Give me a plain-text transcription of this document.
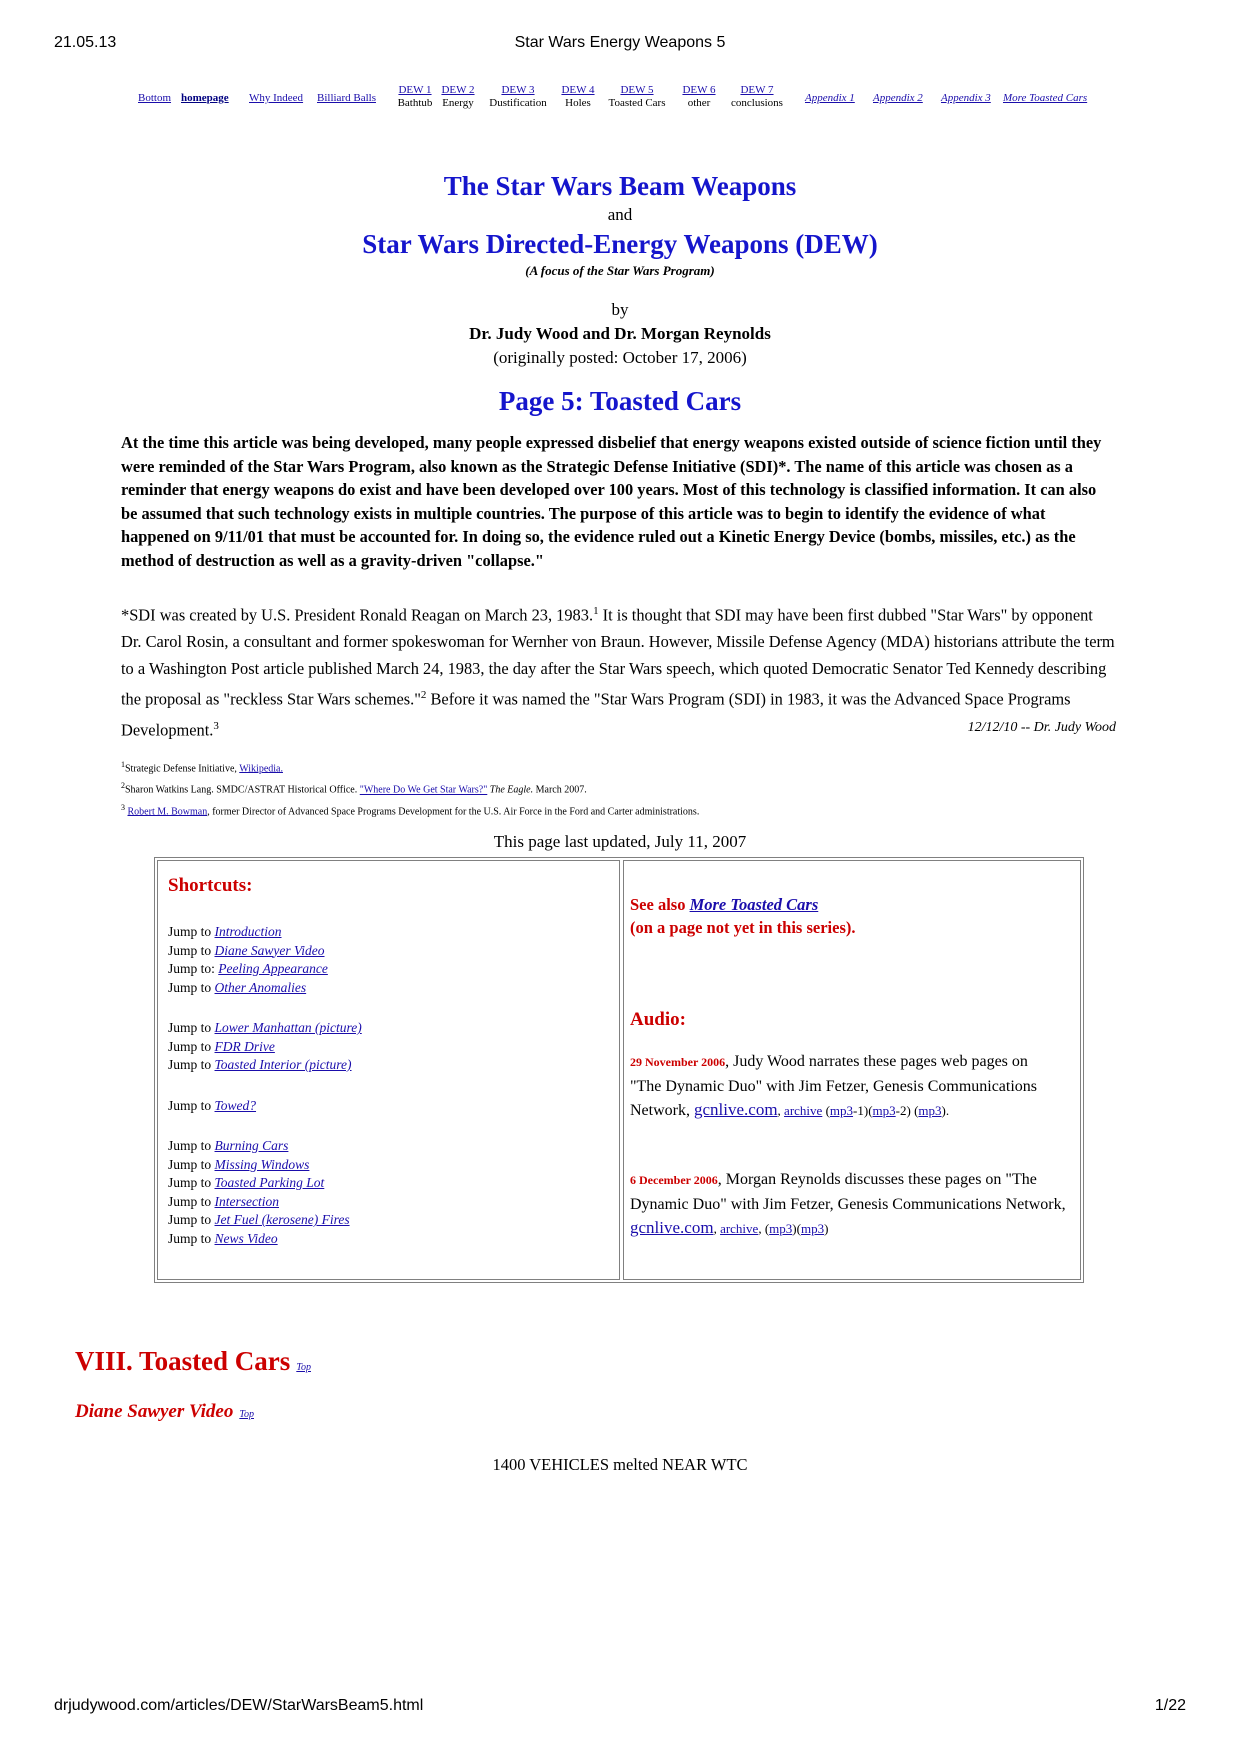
21.05.13	Star Wars Energy Weapons 5
Bottom homepage Why Indeed Billiard Balls
DEW 1
Bathtub
DEW 2
Energy
DEW 3
Dustification
DEW 4
Holes
DEW 5
Toasted Cars
DEW 6
other
DEW 7
conclusions	Appendix 1 Appendix 2 Appendix 3 More Toasted Cars
The Star Wars Beam Weapons
and
Star Wars Directed-Energy Weapons (DEW)
(A focus of the Star Wars Program)
by
Dr. Judy Wood and Dr. Morgan Reynolds
(originally posted: October 17, 2006)
Page 5: Toasted Cars

At the time this article was being developed, many people expressed disbelief that energy weapons existed outside of science fiction until they were reminded of the Star Wars Program, also known as the Strategic Defense Initiative (SDI)*. The name of this article was chosen as a reminder that energy weapons do exist and have been developed over 100 years. Most of this technology is classified information. It can also be assumed that such technology exists in multiple countries. The purpose of this article was to begin to identify the evidence of what happened on 9/11/01 that must be accounted for. In doing so, the evidence ruled out a Kinetic Energy Device (bombs, missiles, etc.) as the method of destruction as well as a gravity-driven "collapse."

*SDI was created by U.S. President Ronald Reagan on March 23, 1983.$^1$ It is thought that SDI may have been first dubbed "Star Wars" by opponent Dr. Carol Rosin, a consultant and former spokeswoman for Wernher von Braun. However, Missile Defense Agency (MDA) historians attribute the term to a Washington Post article published March 24, 1983, the day after the Star Wars speech, which quoted Democratic Senator Ted Kennedy describing the proposal as "reckless Star Wars schemes."$^2$ Before it was named the "Star Wars Program (SDI) in 1983, it was the Advanced Space Programs Development.$^3$	12/12/10 -- Dr. Judy Wood
$^1$Strategic Defense Initiative, Wikipedia.
$^2$Sharon Watkins Lang. SMDC/ASTRAT Historical Office. "Where Do We Get Star Wars?" The Eagle. March 2007.
$^3$ Robert M. Bowman, former Director of Advanced Space Programs Development for the U.S. Air Force in the Ford and Carter administrations.
This page last updated, July 11, 2007
Shortcuts:
Jump to Introduction
Jump to Diane Sawyer Video
Jump to: Peeling Appearance
Jump to Other Anomalies
Jump to Lower Manhattan (picture)
Jump to FDR Drive
Jump to Toasted Interior (picture)
Jump to Towed?
Jump to Burning Cars
Jump to Missing Windows
Jump to Toasted Parking Lot
Jump to Intersection
Jump to Jet Fuel (kerosene) Fires
Jump to News Video
See also More Toasted Cars
(on a page not yet in this series).
Audio:
29 November 2006, Judy Wood narrates these pages web pages on
"The Dynamic Duo" with Jim Fetzer, Genesis Communications Network, gcnlive.com, archive (mp3-1)(mp3-2) (mp3).
6 December 2006, Morgan Reynolds discusses these pages on "The Dynamic Duo" with Jim Fetzer, Genesis Communications Network, gcnlive.com, archive, (mp3)(mp3)
VIII. Toasted Cars Top
Diane Sawyer Video Top
1400 VEHICLES melted NEAR WTC
drjudywood.com/articles/DEW/StarWarsBeam5.html	1/22
